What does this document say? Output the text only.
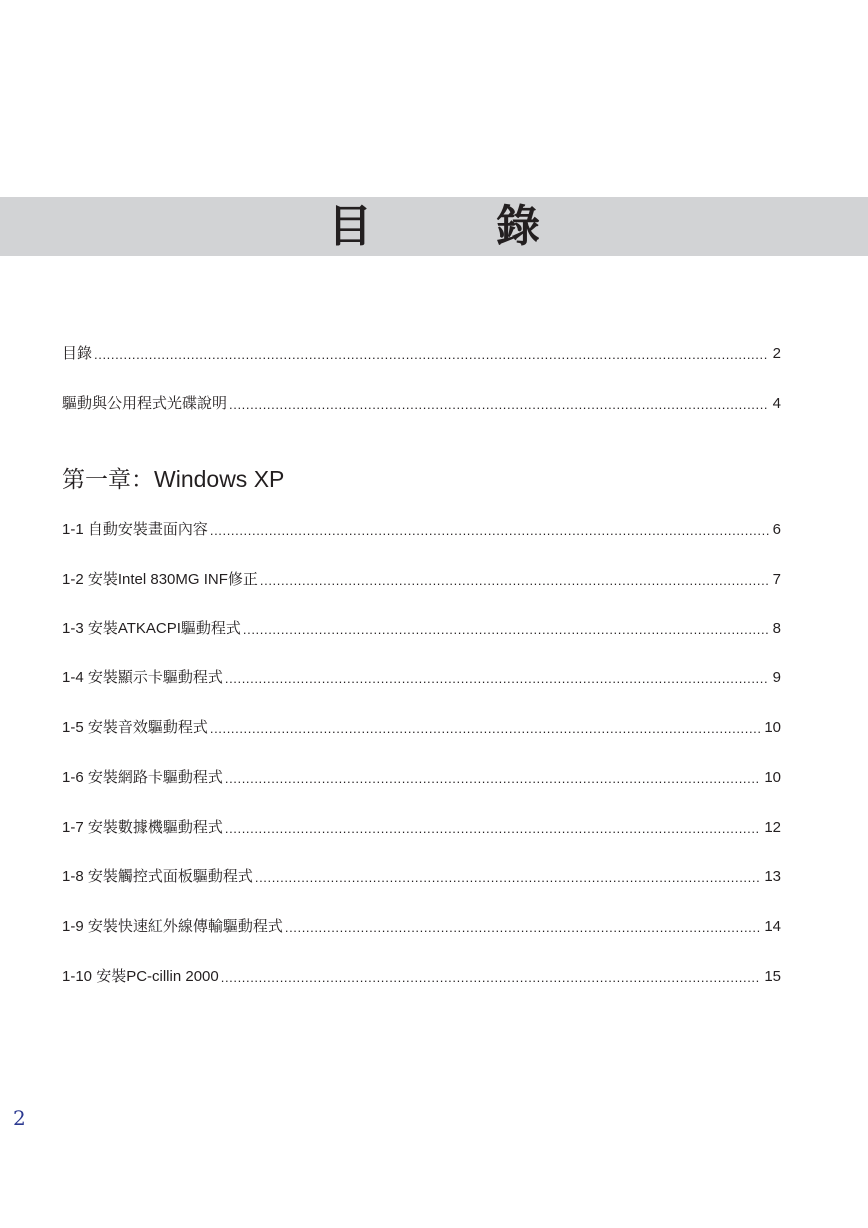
目　錄
目錄 .....	2
驅動與公用程式光碟說明 .....	4
第一章：Windows XP
1-1 自動安裝畫面內容 .....	6
1-2 安裝Intel 830MG INF修正 .....	7
1-3 安裝ATKACPI驅動程式 .....	8
1-4 安裝顯示卡驅動程式 .....	9
1-5 安裝音效驅動程式 .....	10
1-6 安裝網路卡驅動程式 .....	10
1-7 安裝數據機驅動程式 .....	12
1-8 安裝觸控式面板驅動程式 .....	13
1-9 安裝快速紅外線傳輸驅動程式 .....	14
1-10 安裝PC-cillin 2000 .....	15
2
